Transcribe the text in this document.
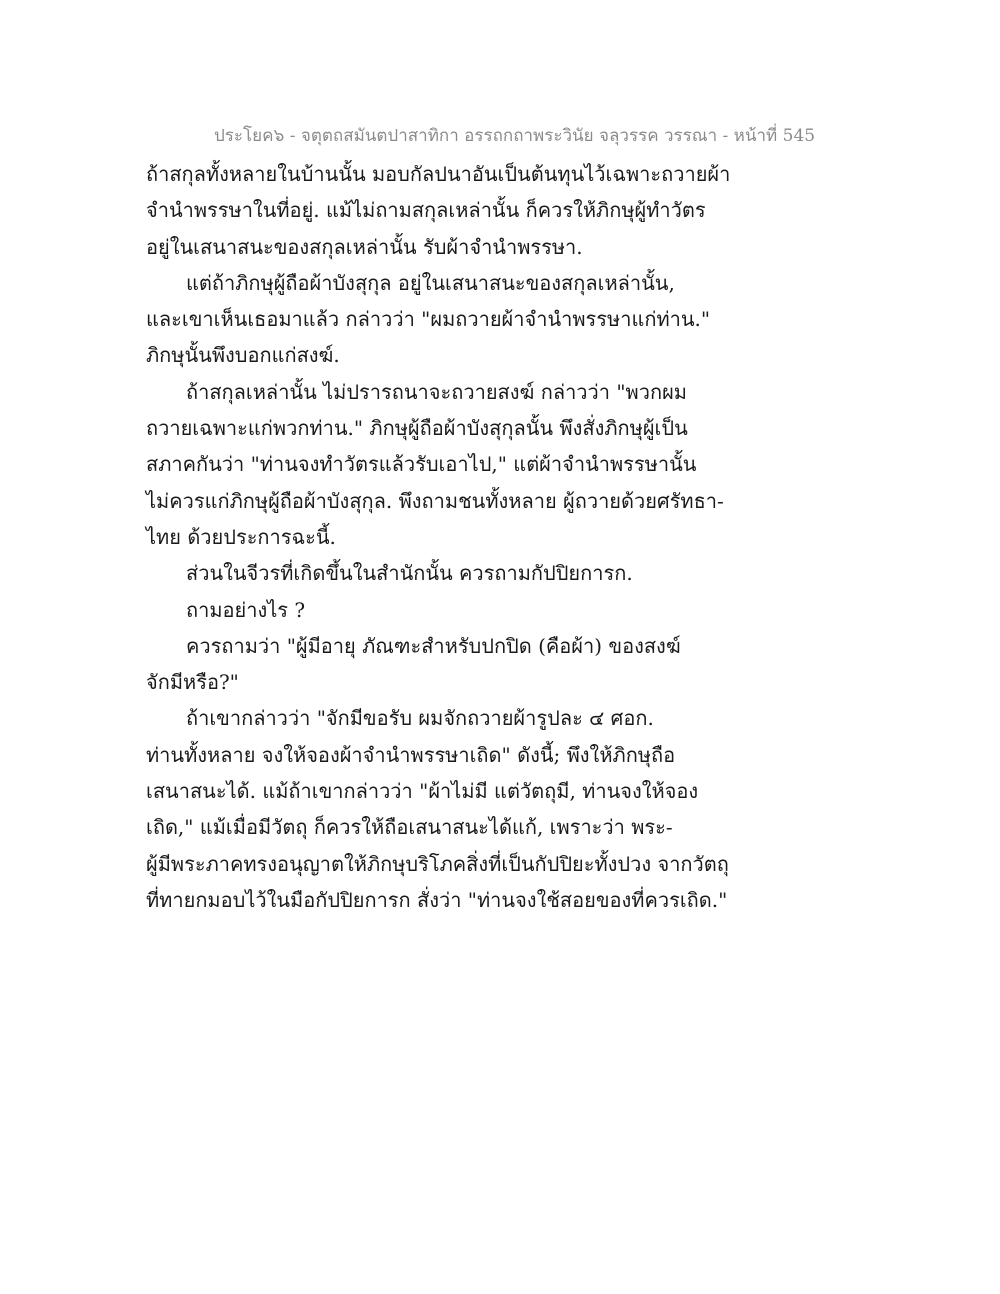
ประโยค๖ - จตุตถสมันตปาสาทิกา อรรถกถาพระวินัย จลุวรรค วรรณา - หน้าที่ 545
ถ้าสกุลทั้งหลายในบ้านนั้น มอบกัลปนาอันเป็นต้นทุนไว้เฉพาะถวายผ้า
จำนำพรรษาในที่อยู่. แม้ไม่ถามสกุลเหล่านั้น ก็ควรให้ภิกษุผู้ทำวัตร
อยู่ในเสนาสนะของสกุลเหล่านั้น รับผ้าจำนำพรรษา.
แต่ถ้าภิกษุผู้ถือผ้าบังสุกุล อยู่ในเสนาสนะของสกุลเหล่านั้น,
และเขาเห็นเธอมาแล้ว กล่าวว่า "ผมถวายผ้าจำนำพรรษาแก่ท่าน."
ภิกษุนั้นพึงบอกแก่สงฆ์.
ถ้าสกุลเหล่านั้น ไม่ปรารถนาจะถวายสงฆ์ กล่าวว่า "พวกผม
ถวายเฉพาะแก่พวกท่าน." ภิกษุผู้ถือผ้าบังสุกุลนั้น พึงสั่งภิกษุผู้เป็น
สภาคกันว่า "ท่านจงทำวัตรแล้วรับเอาไป," แต่ผ้าจำนำพรรษานั้น
ไม่ควรแก่ภิกษุผู้ถือผ้าบังสุกุล. พึงถามชนทั้งหลาย ผู้ถวายด้วยศรัทธา-
ไทย ด้วยประการฉะนี้.
ส่วนในจีวรที่เกิดขึ้นในสำนักนั้น ควรถามกัปปิยการก.
ถามอย่างไร ?
ควรถามว่า "ผู้มีอายุ ภัณฑะสำหรับปกปิด (คือผ้า) ของสงฆ์
จักมีหรือ?"
ถ้าเขากล่าวว่า "จักมีขอรับ ผมจักถวายผ้ารูปละ ๔ ศอก.
ท่านทั้งหลาย จงให้จองผ้าจำนำพรรษาเถิด" ดังนี้; พึงให้ภิกษุถือ
เสนาสนะได้. แม้ถ้าเขากล่าวว่า "ผ้าไม่มี แต่วัตถุมี, ท่านจงให้จอง
เถิด," แม้เมื่อมีวัตถุ ก็ควรให้ถือเสนาสนะได้แก้, เพราะว่า พระ-
ผู้มีพระภาคทรงอนุญาตให้ภิกษุบริโภคสิ่งที่เป็นกัปปิยะทั้งปวง จากวัตถุ
ที่ทายกมอบไว้ในมือกัปปิยการก สั่งว่า "ท่านจงใช้สอยของที่ควรเถิด."
